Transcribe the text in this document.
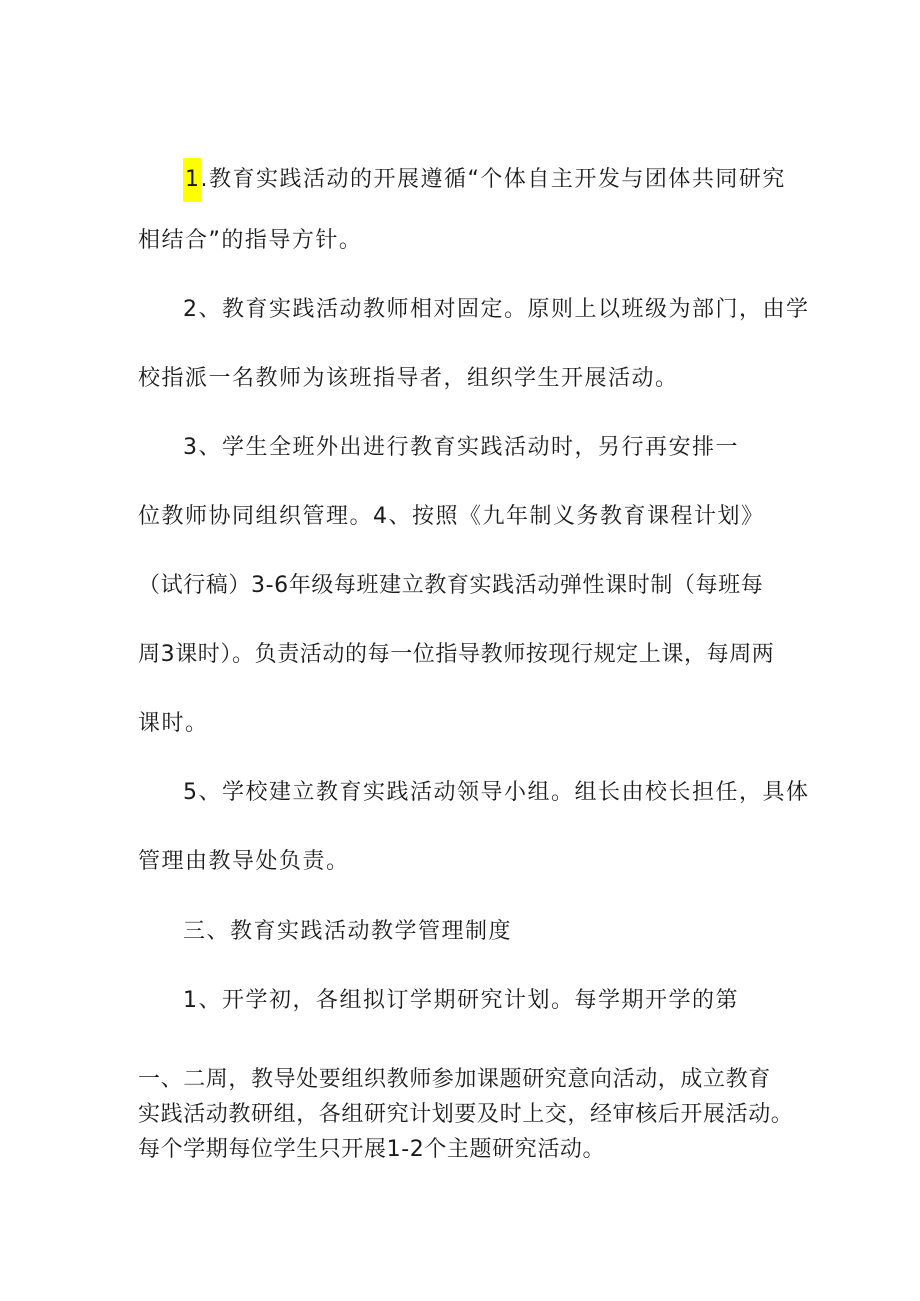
1.教育实践活动的开展遵循“个体自主开发与团体共同研究
相结合”的指导方针。
2、教育实践活动教师相对固定。原则上以班级为部门，由学
校指派一名教师为该班指导者，组织学生开展活动。
3、学生全班外出进行教育实践活动时，另行再安排一
位教师协同组织管理。4、按照《九年制义务教育课程计划》
（试行稿）3-6年级每班建立教育实践活动弹性课时制（每班每
周3课时）。负责活动的每一位指导教师按现行规定上课，每周两
课时。
5、学校建立教育实践活动领导小组。组长由校长担任，具体
管理由教导处负责。
三、教育实践活动教学管理制度
1、开学初，各组拟订学期研究计划。每学期开学的第
一、二周，教导处要组织教师参加课题研究意向活动，成立教育
实践活动教研组，各组研究计划要及时上交，经审核后开展活动。
每个学期每位学生只开展1-2个主题研究活动。
